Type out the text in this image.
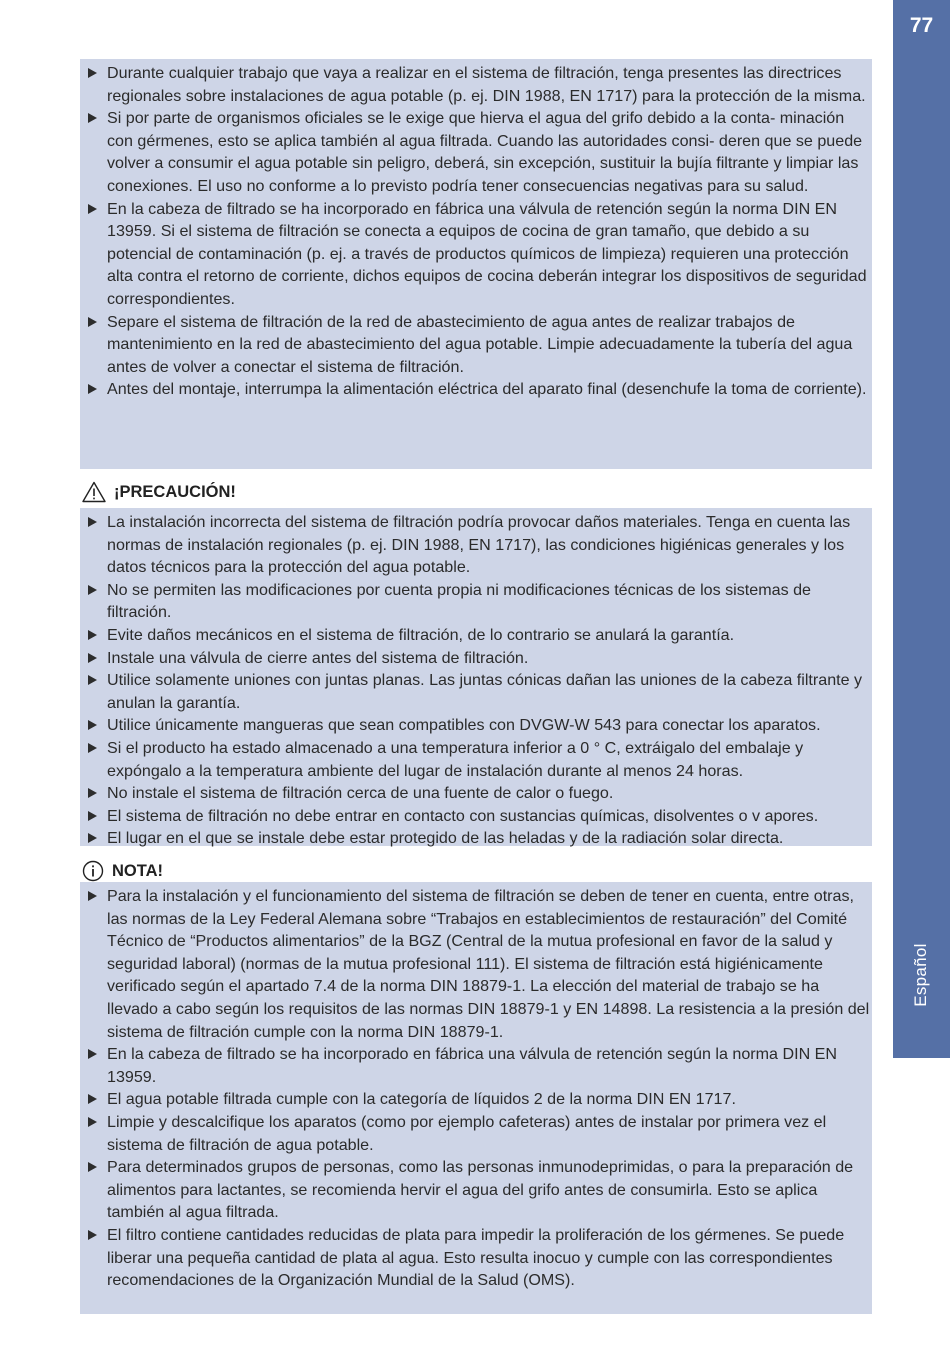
77
Español
Durante cualquier trabajo que vaya a realizar en el sistema de filtración, tenga presentes las directrices regionales sobre instalaciones de agua potable (p. ej. DIN 1988, EN 1717) para la protección de la misma.
Si por parte de organismos oficiales se le exige que hierva el agua del grifo debido a la conta- minación con gérmenes, esto se aplica también al agua filtrada. Cuando las autoridades consi- deren que se puede volver a consumir el agua potable sin peligro, deberá, sin excepción, sustituir la bujía filtrante y limpiar las conexiones. El uso no conforme a lo previsto podría tener consecuencias negativas para su salud.
En la cabeza de filtrado se ha incorporado en fábrica una válvula de retención según la norma DIN EN 13959. Si el sistema de filtración se conecta a equipos de cocina de gran tamaño, que debido a su potencial de contaminación (p. ej. a través de productos químicos de limpieza) requieren una protección alta contra el retorno de corriente, dichos equipos de cocina deberán integrar los dispositivos de seguridad correspondientes.
Separe el sistema de filtración de la red de abastecimiento de agua antes de realizar trabajos de mantenimiento en la red de abastecimiento del agua potable. Limpie adecuadamente la tubería del agua antes de volver a conectar el sistema de filtración.
Antes del montaje, interrumpa la alimentación eléctrica del aparato final (desenchufe la toma de corriente).
¡PRECAUCIÓN!
La instalación incorrecta del sistema de filtración podría provocar daños materiales. Tenga en cuenta las normas de instalación regionales (p. ej. DIN 1988, EN 1717), las condiciones higiénicas generales y los datos técnicos para la protección del agua potable.
No se permiten las modificaciones por cuenta propia ni modificaciones técnicas de los sistemas de filtración.
Evite daños mecánicos en el sistema de filtración, de lo contrario se anulará la garantía.
Instale una válvula de cierre antes del sistema de filtración.
Utilice solamente uniones con juntas planas. Las juntas cónicas dañan las uniones de la cabeza filtrante y anulan la garantía.
Utilice únicamente mangueras que sean compatibles con DVGW-W 543 para conectar los aparatos.
Si el producto ha estado almacenado a una temperatura inferior a 0 ° C, extráigalo del embalaje y expóngalo a la temperatura ambiente del lugar de instalación durante al menos 24 horas.
No instale el sistema de filtración cerca de una fuente de calor o fuego.
El sistema de filtración no debe entrar en contacto con sustancias químicas, disolventes o v apores.
El lugar en el que se instale debe estar protegido de las heladas y de la radiación solar directa.
NOTA!
Para la instalación y el funcionamiento del sistema de filtración se deben de tener en cuenta, entre otras, las normas de la Ley Federal Alemana sobre “Trabajos en establecimientos de restauración” del Comité Técnico de “Productos alimentarios” de la BGZ (Central de la mutua profesional en favor de la salud y seguridad laboral) (normas de la mutua profesional 111). El sistema de filtración está higiénicamente verificado según el apartado 7.4 de la norma DIN 18879-1. La elección del material de trabajo se ha llevado a cabo según los requisitos de las normas DIN 18879-1 y EN 14898. La resistencia a la presión del sistema de filtración cumple con la norma DIN 18879-1.
En la cabeza de filtrado se ha incorporado en fábrica una válvula de retención según la norma DIN EN 13959.
El agua potable filtrada cumple con la categoría de líquidos 2 de la norma DIN EN 1717.
Limpie y descalcifique los aparatos (como por ejemplo cafeteras) antes de instalar por primera vez el sistema de filtración de agua potable.
Para determinados grupos de personas, como las personas inmunodeprimidas, o para la preparación de alimentos para lactantes, se recomienda hervir el agua del grifo antes de consumirla. Esto se aplica también al agua filtrada.
El filtro contiene cantidades reducidas de plata para impedir la proliferación de los gérmenes. Se puede liberar una pequeña cantidad de plata al agua. Esto resulta inocuo y cumple con las correspondientes recomendaciones de la Organización Mundial de la Salud (OMS).
